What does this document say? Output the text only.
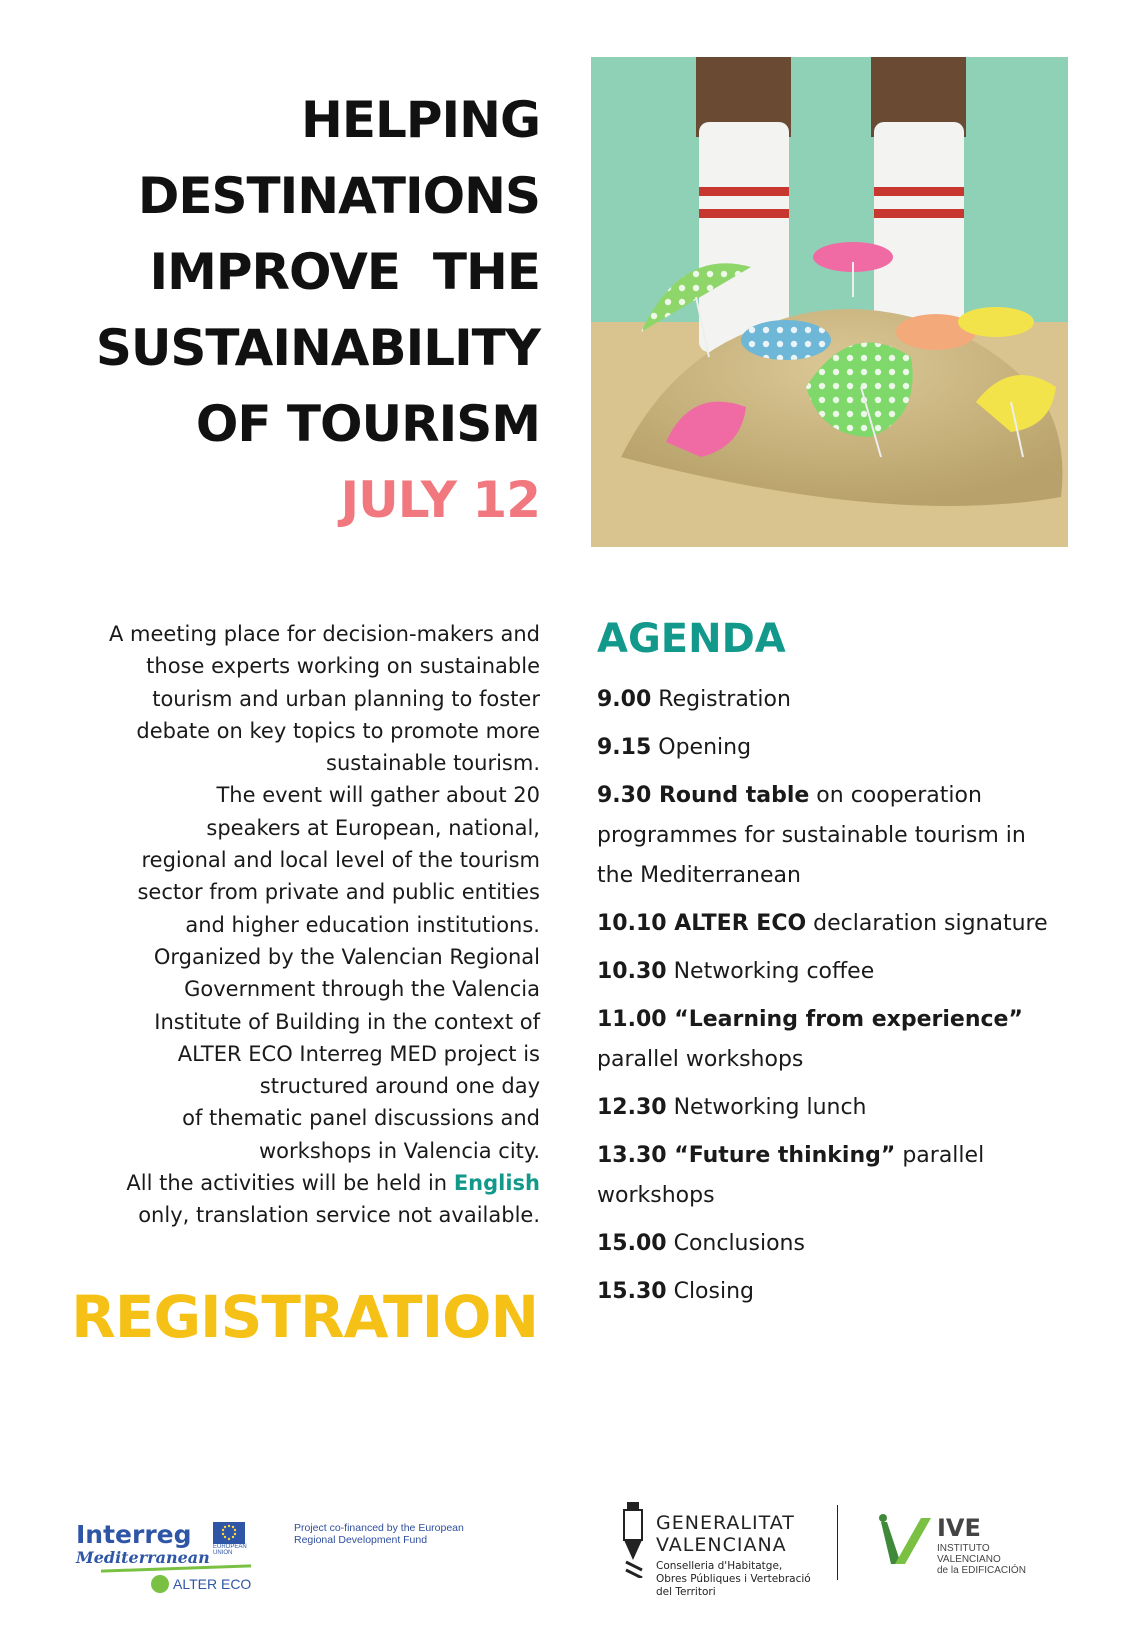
HELPING
DESTINATIONS
IMPROVE  THE
SUSTAINABILITY
OF TOURISM
JULY 12

A meeting place for decision-makers and

those experts working on sustainable

tourism and urban planning to foster

debate on key topics to promote more

sustainable tourism.

The event will gather about 20

speakers at European, national,

regional and local level of the tourism

sector from private and public entities

and higher education institutions.

Organized by the Valencian Regional

Government through the Valencia

Institute of Building in the context of

ALTER ECO Interreg MED project is

structured around one day

of thematic panel discussions and

workshops in Valencia city.

All the activities will be held in English

only, translation service not available.

REGISTRATION
AGENDA
9.00 Registration
9.15 Opening
9.30 Round table on cooperation programmes for sustainable tourism in the Mediterranean
10.10 ALTER ECO declaration signature
10.30 Networking coffee
11.00 “Learning from experience” parallel workshops
12.30 Networking lunch
13.30 “Future thinking” parallel workshops
15.00 Conclusions
15.30 Closing
Interreg	EUROPEAN UNION
Mediterranean
ALTER ECO
Project co-financed by the European
Regional Development Fund
GENERALITAT
VALENCIANA
Conselleria d'Habitatge,
Obres Públiques i Vertebració
del Territori
IVE
INSTITUTO VALENCIANO
de la EDIFICACIÓN
